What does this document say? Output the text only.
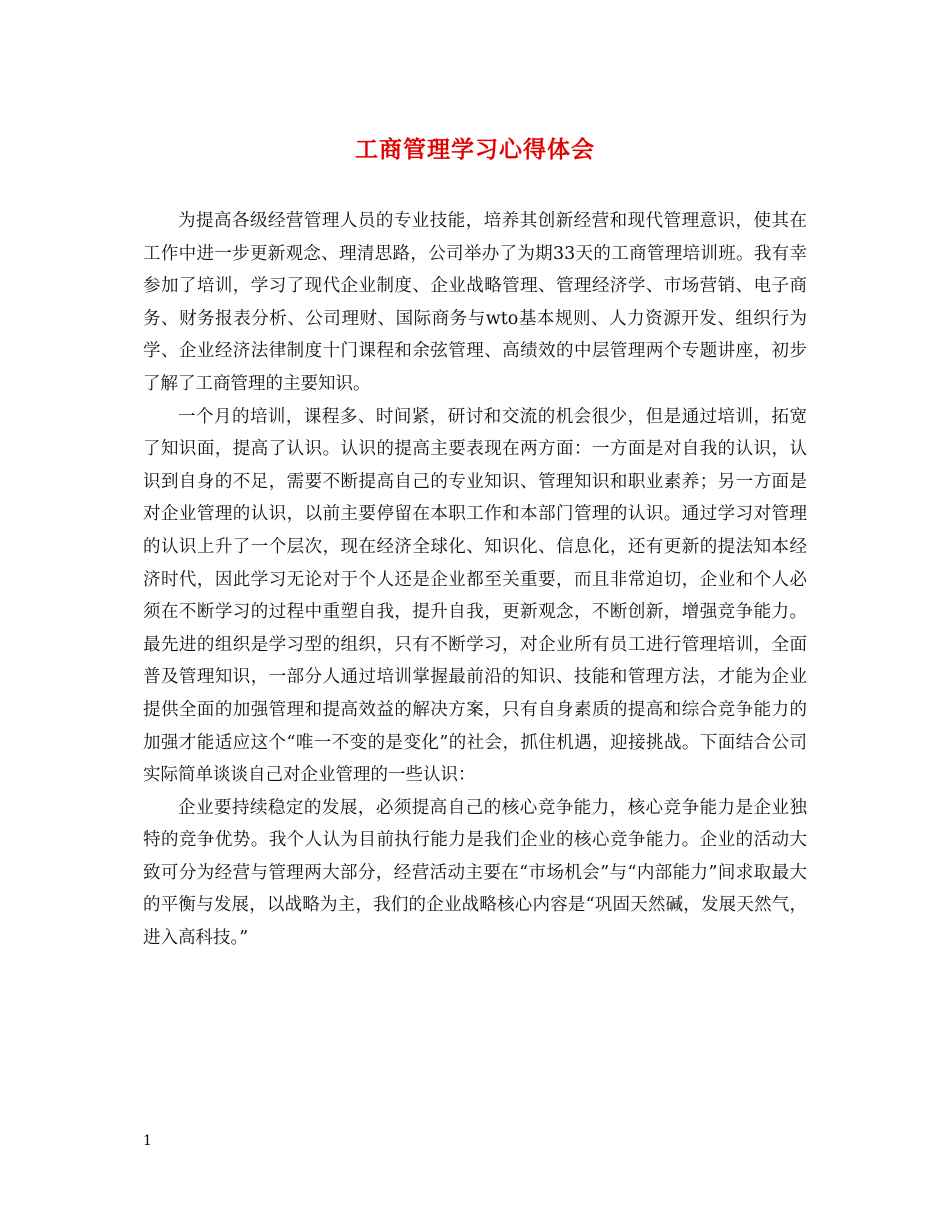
工商管理学习心得体会

为提高各级经营管理人员的专业技能，培养其创新经营和现代管理意识，使其在工作中进一步更新观念、理清思路，公司举办了为期33天的工商管理培训班。我有幸参加了培训，学习了现代企业制度、企业战略管理、管理经济学、市场营销、电子商务、财务报表分析、公司理财、国际商务与wto基本规则、人力资源开发、组织行为学、企业经济法律制度十门课程和余弦管理、高绩效的中层管理两个专题讲座，初步了解了工商管理的主要知识。

一个月的培训，课程多、时间紧，研讨和交流的机会很少，但是通过培训，拓宽了知识面，提高了认识。认识的提高主要表现在两方面：一方面是对自我的认识，认识到自身的不足，需要不断提高自己的专业知识、管理知识和职业素养；另一方面是对企业管理的认识，以前主要停留在本职工作和本部门管理的认识。通过学习对管理的认识上升了一个层次，现在经济全球化、知识化、信息化，还有更新的提法知本经济时代，因此学习无论对于个人还是企业都至关重要，而且非常迫切，企业和个人必须在不断学习的过程中重塑自我，提升自我，更新观念，不断创新，增强竞争能力。最先进的组织是学习型的组织，只有不断学习，对企业所有员工进行管理培训，全面普及管理知识，一部分人通过培训掌握最前沿的知识、技能和管理方法，才能为企业提供全面的加强管理和提高效益的解决方案，只有自身素质的提高和综合竞争能力的加强才能适应这个“唯一不变的是变化”的社会，抓住机遇，迎接挑战。下面结合公司实际简单谈谈自己对企业管理的一些认识：

企业要持续稳定的发展，必须提高自己的核心竞争能力，核心竞争能力是企业独特的竞争优势。我个人认为目前执行能力是我们企业的核心竞争能力。企业的活动大致可分为经营与管理两大部分，经营活动主要在“市场机会”与“内部能力”间求取最大的平衡与发展，以战略为主，我们的企业战略核心内容是“巩固天然碱，发展天然气，进入高科技。”

1
